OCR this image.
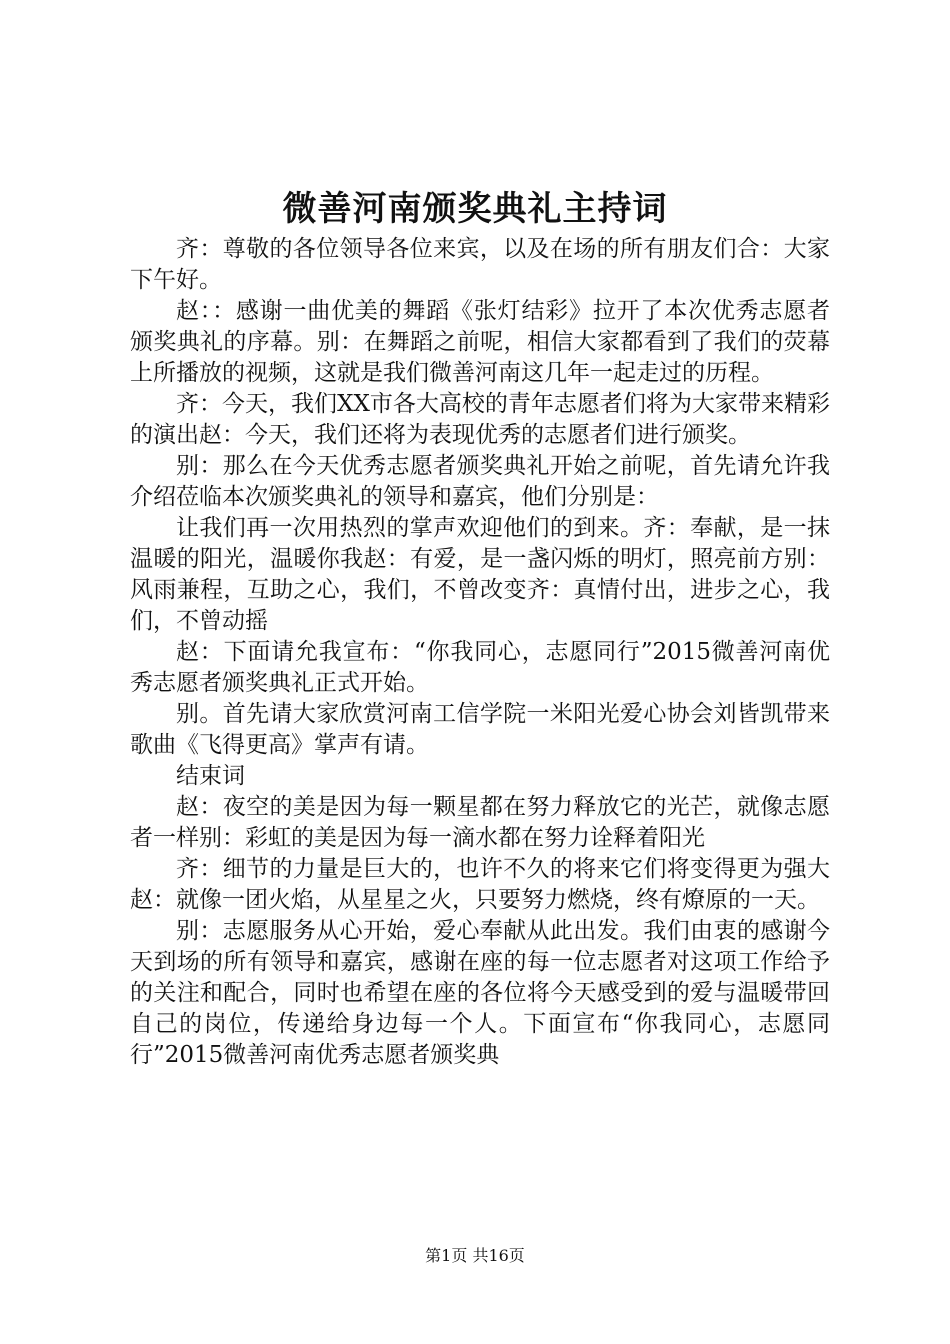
微善河南颁奖典礼主持词

齐：尊敬的各位领导各位来宾，以及在场的所有朋友们合：大家下午好。

赵：：感谢一曲优美的舞蹈《张灯结彩》拉开了本次优秀志愿者颁奖典礼的序幕。别：在舞蹈之前呢，相信大家都看到了我们的荧幕上所播放的视频，这就是我们微善河南这几年一起走过的历程。

齐：今天，我们XX市各大高校的青年志愿者们将为大家带来精彩的演出赵：今天，我们还将为表现优秀的志愿者们进行颁奖。

别：那么在今天优秀志愿者颁奖典礼开始之前呢，首先请允许我介绍莅临本次颁奖典礼的领导和嘉宾，他们分别是：

让我们再一次用热烈的掌声欢迎他们的到来。齐：奉献，是一抹温暖的阳光，温暖你我赵：有爱，是一盏闪烁的明灯，照亮前方别：风雨兼程，互助之心，我们，不曾改变齐：真情付出，进步之心，我们，不曾动摇

赵：下面请允我宣布：“你我同心，志愿同行”2015微善河南优秀志愿者颁奖典礼正式开始。

别。首先请大家欣赏河南工信学院一米阳光爱心协会刘皆凯带来歌曲《飞得更高》掌声有请。

结束词

赵：夜空的美是因为每一颗星都在努力释放它的光芒，就像志愿者一样别：彩虹的美是因为每一滴水都在努力诠释着阳光

齐：细节的力量是巨大的，也许不久的将来它们将变得更为强大赵：就像一团火焰，从星星之火，只要努力燃烧，终有燎原的一天。

别：志愿服务从心开始，爱心奉献从此出发。我们由衷的感谢今天到场的所有领导和嘉宾，感谢在座的每一位志愿者对这项工作给予的关注和配合，同时也希望在座的各位将今天感受到的爱与温暖带回自己的岗位，传递给身边每一个人。下面宣布“你我同心，志愿同行”2015微善河南优秀志愿者颁奖典

第1页 共16页
